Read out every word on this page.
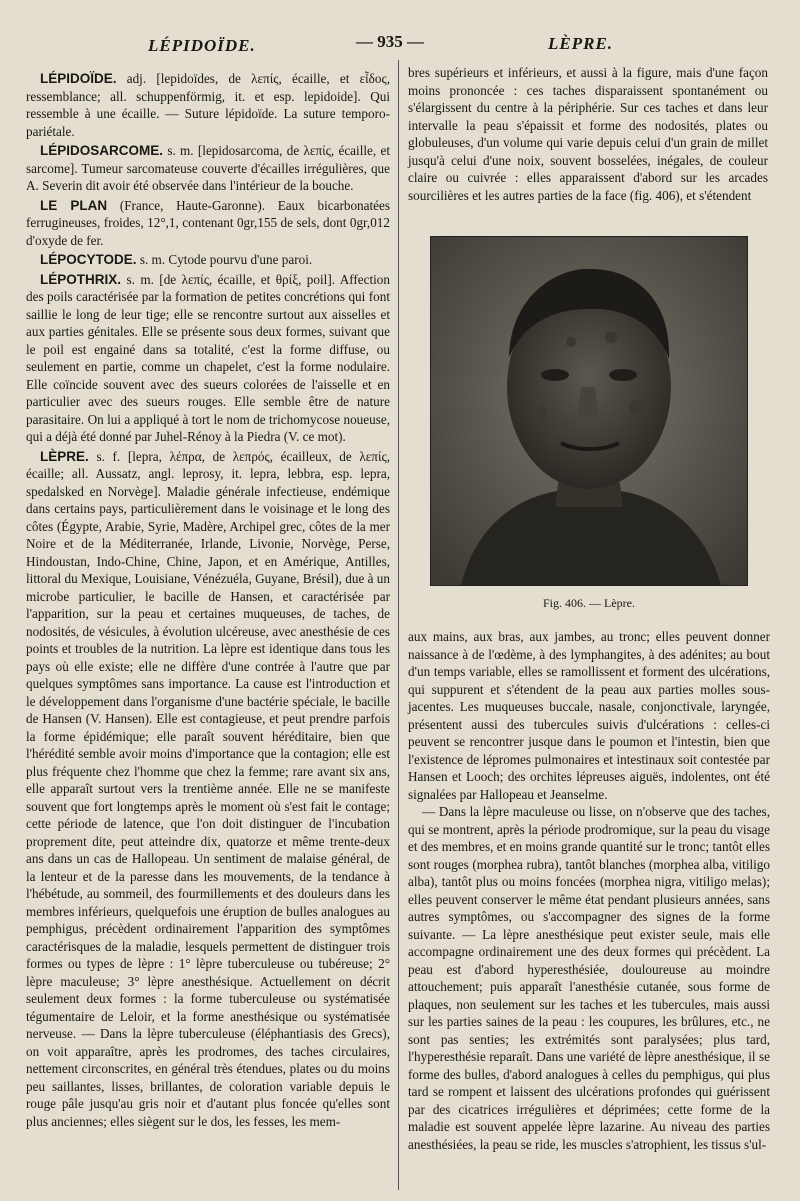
LÉPIDOÏDE.	— 935 —	LÈPRE.

LÉPIDOÏDE. adj. [lepidoïdes, de λεπίς, écaille, et εἶδος, ressemblance; all. schuppenförmig, it. et esp. lepidoide]. Qui ressemble à une écaille. — Suture lépidoïde. La suture temporo-pariétale.

LÉPIDOSARCOME. s. m. [lepidosarcoma, de λεπίς, écaille, et sarcome]. Tumeur sarcomateuse couverte d'écailles irrégulières, que A. Severin dit avoir été observée dans l'intérieur de la bouche.

LE PLAN (France, Haute-Garonne). Eaux bicarbonatées ferrugineuses, froides, 12°,1, contenant 0gr,155 de sels, dont 0gr,012 d'oxyde de fer.

LÉPOCYTODE. s. m. Cytode pourvu d'une paroi.

LÉPOTHRIX. s. m. [de λεπίς, écaille, et θρίξ, poil]. Affection des poils caractérisée par la formation de petites concrétions qui font saillie le long de leur tige; elle se rencontre surtout aux aisselles et aux parties génitales. Elle se présente sous deux formes, suivant que le poil est engainé dans sa totalité, c'est la forme diffuse, ou seulement en partie, comme un chapelet, c'est la forme nodulaire. Elle coïncide souvent avec des sueurs colorées de l'aisselle et en particulier avec des sueurs rouges. Elle semble être de nature parasitaire. On lui a appliqué à tort le nom de trichomycose noueuse, qui a déjà été donné par Juhel-Rénoy à la Piedra (V. ce mot).

LÈPRE. s. f. [lepra, λέπρα, de λεπρός, écailleux, de λεπίς, écaille; all. Aussatz, angl. leprosy, it. lepra, lebbra, esp. lepra, spedalsked en Norvège]. Maladie générale infectieuse, endémique dans certains pays, particulièrement dans le voisinage et le long des côtes (Égypte, Arabie, Syrie, Madère, Archipel grec, côtes de la mer Noire et de la Méditerranée, Irlande, Livonie, Norvège, Perse, Hindoustan, Indo-Chine, Chine, Japon, et en Amérique, Antilles, littoral du Mexique, Louisiane, Vénézuéla, Guyane, Brésil), due à un microbe particulier, le bacille de Hansen, et caractérisée par l'apparition, sur la peau et certaines muqueuses, de taches, de nodosités, de vésicules, à évolution ulcéreuse, avec anesthésie de ces points et troubles de la nutrition. La lèpre est identique dans tous les pays où elle existe; elle ne diffère d'une contrée à l'autre que par quelques symptômes sans importance. La cause est l'introduction et le développement dans l'organisme d'une bactérie spéciale, le bacille de Hansen (V. Hansen). Elle est contagieuse, et peut prendre parfois la forme épidémique; elle paraît souvent héréditaire, bien que l'hérédité semble avoir moins d'importance que la contagion; elle est plus fréquente chez l'homme que chez la femme; rare avant six ans, elle apparaît surtout vers la trentième année. Elle ne se manifeste souvent que fort longtemps après le moment où s'est fait le contage; cette période de latence, que l'on doit distinguer de l'incubation proprement dite, peut atteindre dix, quatorze et même trente-deux ans dans un cas de Hallopeau. Un sentiment de malaise général, de la lenteur et de la paresse dans les mouvements, de la tendance à l'hébétude, au sommeil, des fourmillements et des douleurs dans les membres inférieurs, quelquefois une éruption de bulles analogues au pemphigus, précèdent ordinairement l'apparition des symptômes caractérisques de la maladie, lesquels permettent de distinguer trois formes ou types de lèpre : 1° lèpre tuberculeuse ou tubéreuse; 2° lèpre maculeuse; 3° lèpre anesthésique. Actuellement on décrit seulement deux formes : la forme tuberculeuse ou systématisée tégumentaire de Leloir, et la forme anesthésique ou systématisée nerveuse. — Dans la lèpre tuberculeuse (éléphantiasis des Grecs), on voit apparaître, après les prodromes, des taches circulaires, nettement circonscrites, en général très étendues, plates ou du moins peu saillantes, lisses, brillantes, de coloration variable depuis le rouge pâle jusqu'au gris noir et d'autant plus foncée qu'elles sont plus anciennes; elles siègent sur le dos, les fesses, les mem-

bres supérieurs et inférieurs, et aussi à la figure, mais d'une façon moins prononcée : ces taches disparaissent spontanément ou s'élargissent du centre à la périphérie. Sur ces taches et dans leur intervalle la peau s'épaissit et forme des nodosités, plates ou globuleuses, d'un volume qui varie depuis celui d'un grain de millet jusqu'à celui d'une noix, souvent bosselées, inégales, de couleur claire ou cuivrée : elles apparaissent d'abord sur les arcades sourcilières et les autres parties de la face (fig. 406), et s'étendent

Fig. 406. — Lèpre.

aux mains, aux bras, aux jambes, au tronc; elles peuvent donner naissance à de l'œdème, à des lymphangites, à des adénites; au bout d'un temps variable, elles se ramollissent et forment des ulcérations, qui suppurent et s'étendent de la peau aux parties molles sous-jacentes. Les muqueuses buccale, nasale, conjonctivale, laryngée, présentent aussi des tubercules suivis d'ulcérations : celles-ci peuvent se rencontrer jusque dans le poumon et l'intestin, bien que l'existence de lépromes pulmonaires et intestinaux soit contestée par Hansen et Looch; des orchites lépreuses aiguës, indolentes, ont été signalées par Hallopeau et Jeanselme.

— Dans la lèpre maculeuse ou lisse, on n'observe que des taches, qui se montrent, après la période prodromique, sur la peau du visage et des membres, et en moins grande quantité sur le tronc; tantôt elles sont rouges (morphea rubra), tantôt blanches (morphea alba, vitiligo alba), tantôt plus ou moins foncées (morphea nigra, vitiligo melas); elles peuvent conserver le même état pendant plusieurs années, sans autres symptômes, ou s'accompagner des signes de la forme suivante. — La lèpre anesthésique peut exister seule, mais elle accompagne ordinairement une des deux formes qui précèdent. La peau est d'abord hyperesthésiée, douloureuse au moindre attouchement; puis apparaît l'anesthésie cutanée, sous forme de plaques, non seulement sur les taches et les tubercules, mais aussi sur les parties saines de la peau : les coupures, les brûlures, etc., ne sont pas senties; les extrémités sont paralysées; plus tard, l'hyperesthésie reparaît. Dans une variété de lèpre anesthésique, il se forme des bulles, d'abord analogues à celles du pemphigus, qui plus tard se rompent et laissent des ulcérations profondes qui guérissent par des cicatrices irrégulières et déprimées; cette forme de la maladie est souvent appelée lèpre lazarine. Au niveau des parties anesthésiées, la peau se ride, les muscles s'atrophient, les tissus s'ul-
